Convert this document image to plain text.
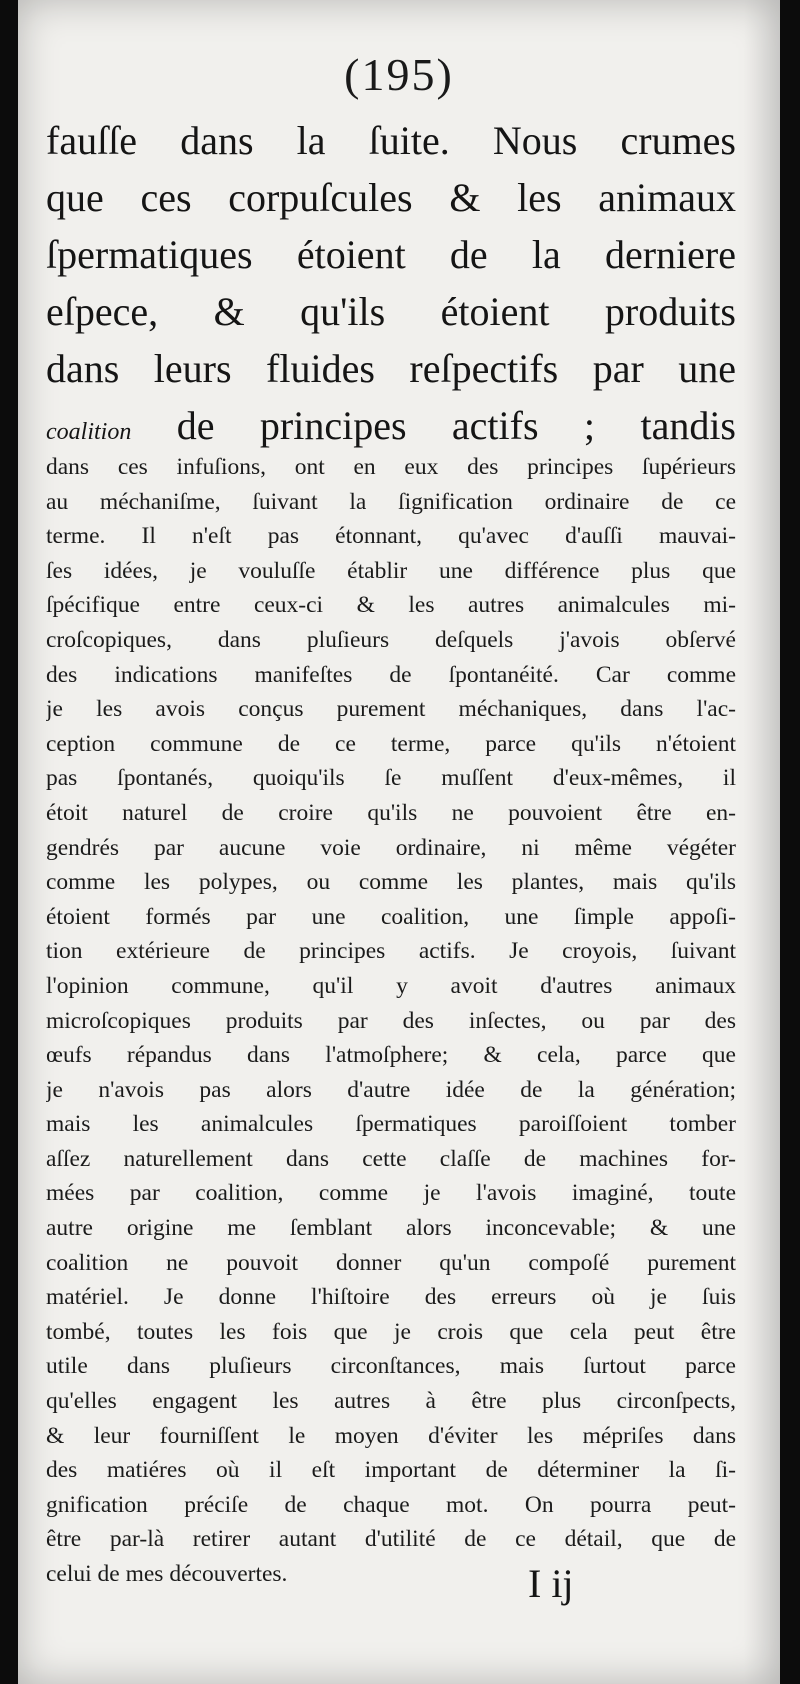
(195)
fauſſe dans la ſuite. Nous crumes
que ces corpuſcules & les animaux
ſpermatiques étoient de la derniere
eſpece, & qu'ils étoient produits
dans leurs fluides reſpectifs par une
coalition de principes actifs ; tandis
dans ces infuſions, ont en eux des principes ſupérieurs
au méchaniſme, ſuivant la ſignification ordinaire de ce
terme. Il n'eſt pas étonnant, qu'avec d'auſſi mauvai-
ſes idées, je vouluſſe établir une différence plus que
ſpécifique entre ceux-ci & les autres animalcules mi-
croſcopiques, dans pluſieurs deſquels j'avois obſervé
des indications manifeſtes de ſpontanéité. Car comme
je les avois conçus purement méchaniques, dans l'ac-
ception commune de ce terme, parce qu'ils n'étoient
pas ſpontanés, quoiqu'ils ſe muſſent d'eux-mêmes, il
étoit naturel de croire qu'ils ne pouvoient être en-
gendrés par aucune voie ordinaire, ni même végéter
comme les polypes, ou comme les plantes, mais qu'ils
étoient formés par une coalition, une ſimple appoſi-
tion extérieure de principes actifs. Je croyois, ſuivant
l'opinion commune, qu'il y avoit d'autres animaux
microſcopiques produits par des inſectes, ou par des
œufs répandus dans l'atmoſphere; & cela, parce que
je n'avois pas alors d'autre idée de la génération;
mais les animalcules ſpermatiques paroiſſoient tomber
aſſez naturellement dans cette claſſe de machines for-
mées par coalition, comme je l'avois imaginé, toute
autre origine me ſemblant alors inconcevable; & une
coalition ne pouvoit donner qu'un compoſé purement
matériel. Je donne l'hiſtoire des erreurs où je ſuis
tombé, toutes les fois que je crois que cela peut être
utile dans pluſieurs circonſtances, mais ſurtout parce
qu'elles engagent les autres à être plus circonſpects,
& leur fourniſſent le moyen d'éviter les mépriſes dans
des matiéres où il eſt important de déterminer la ſi-
gnification préciſe de chaque mot. On pourra peut-
être par-là retirer autant d'utilité de ce détail, que de
celui de mes découvertes.	I ij
